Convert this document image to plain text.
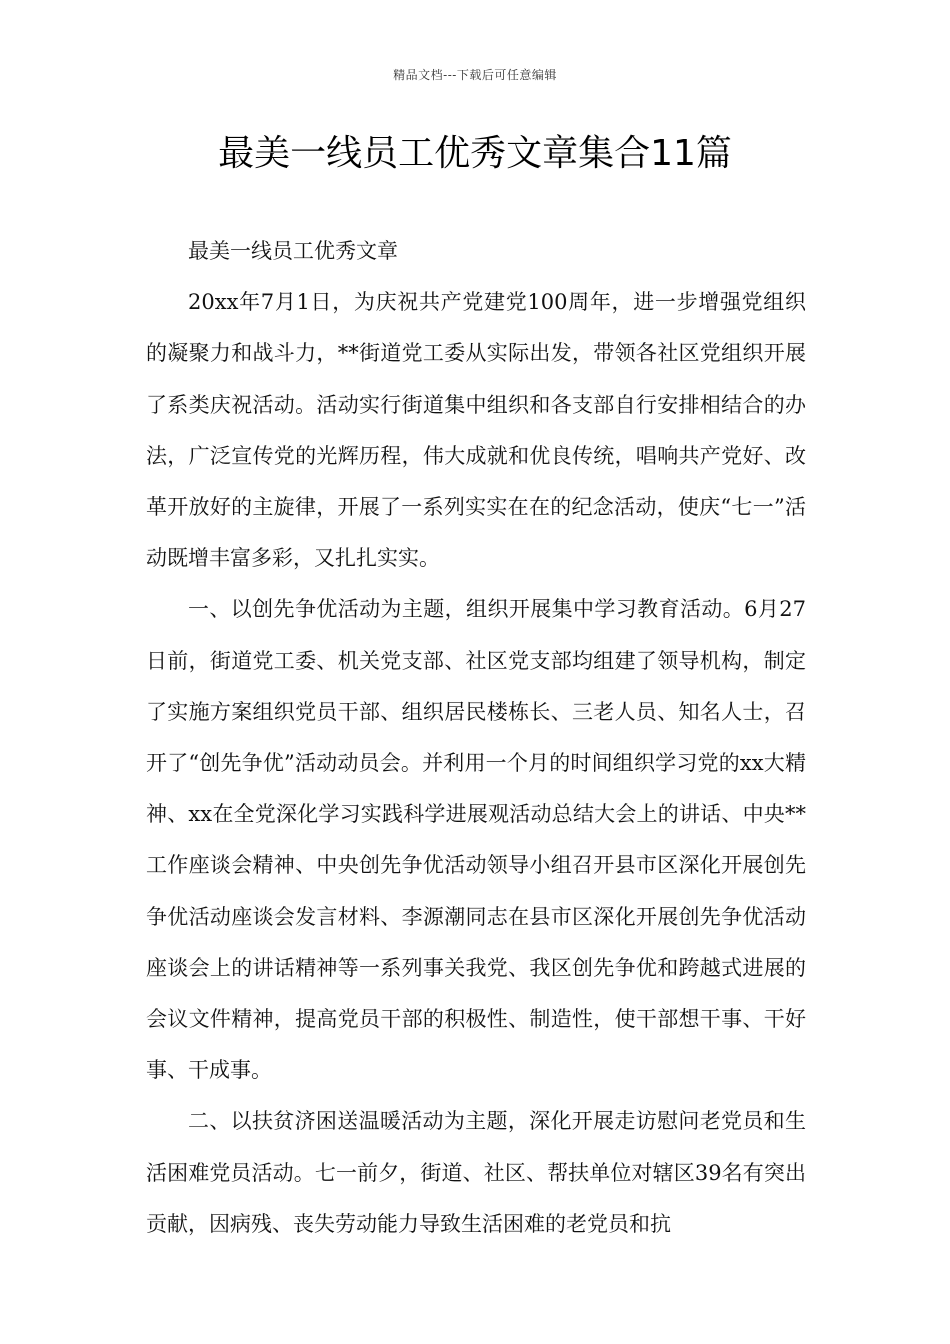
精品文档---下载后可任意编辑
最美一线员工优秀文章集合11篇

最美一线员工优秀文章

20xx年7月1日，为庆祝共产党建党100周年，进一步增强党组织的凝聚力和战斗力，**街道党工委从实际出发，带领各社区党组织开展了系类庆祝活动。活动实行街道集中组织和各支部自行安排相结合的办法，广泛宣传党的光辉历程，伟大成就和优良传统，唱响共产党好、改革开放好的主旋律，开展了一系列实实在在的纪念活动，使庆“七一”活动既增丰富多彩，又扎扎实实。

一、以创先争优活动为主题，组织开展集中学习教育活动。6月27日前，街道党工委、机关党支部、社区党支部均组建了领导机构，制定了实施方案组织党员干部、组织居民楼栋长、三老人员、知名人士，召开了“创先争优”活动动员会。并利用一个月的时间组织学习党的xx大精神、xx在全党深化学习实践科学进展观活动总结大会上的讲话、中央**工作座谈会精神、中央创先争优活动领导小组召开县市区深化开展创先争优活动座谈会发言材料、李源潮同志在县市区深化开展创先争优活动座谈会上的讲话精神等一系列事关我党、我区创先争优和跨越式进展的会议文件精神，提高党员干部的积极性、制造性，使干部想干事、干好事、干成事。

二、以扶贫济困送温暖活动为主题，深化开展走访慰问老党员和生活困难党员活动。七一前夕，街道、社区、帮扶单位对辖区39名有突出贡献，因病残、丧失劳动能力导致生活困难的老党员和抗
